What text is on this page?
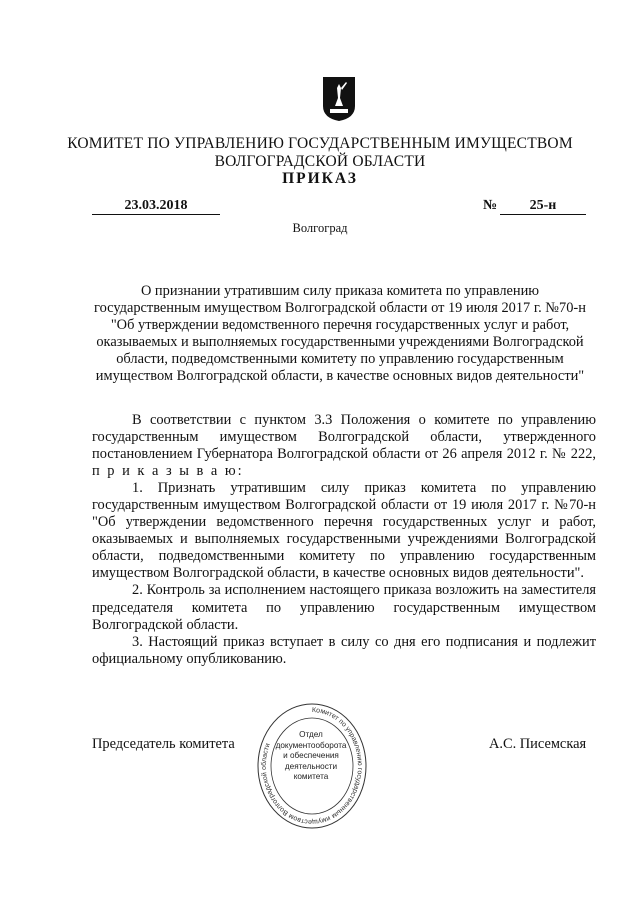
КОМИТЕТ ПО УПРАВЛЕНИЮ ГОСУДАРСТВЕННЫМ ИМУЩЕСТВОМ
ВОЛГОГРАДСКОЙ ОБЛАСТИ
ПРИКАЗ
23.03.2018	№	25-н
Волгоград
О признании утратившим силу приказа комитета по управлению государственным имуществом Волгоградской области от 19 июля 2017 г. №70-н "Об утверждении ведомственного перечня государственных услуг и работ, оказываемых и выполняемых государственными учреждениями Волгоградской области, подведомственными комитету по управлению государственным имуществом Волгоградской области, в качестве основных видов деятельности"

В соответствии с пунктом 3.3 Положения о комитете по управлению государственным имуществом Волгоградской области, утвержденного постановлением Губернатора Волгоградской области от 26 апреля 2012 г. № 222, п р и к а з ы в а ю:

1. Признать утратившим силу приказ комитета по управлению государственным имуществом Волгоградской области от 19 июля 2017 г. №70-н "Об утверждении ведомственного перечня государственных услуг и работ, оказываемых и выполняемых государственными учреждениями Волгоградской области, подведомственными комитету по управлению государственным имуществом Волгоградской области, в качестве основных видов деятельности".

2. Контроль за исполнением настоящего приказа возложить на заместителя председателя комитета по управлению государственным имуществом Волгоградской области.

3. Настоящий приказ вступает в силу со дня его подписания и подлежит официальному опубликованию.

Председатель комитета	А.С. Писемская
Комитет по управлению государственным имуществом Волгоградской области
Отдел
документооборота
и обеспечения
деятельности
комитета
